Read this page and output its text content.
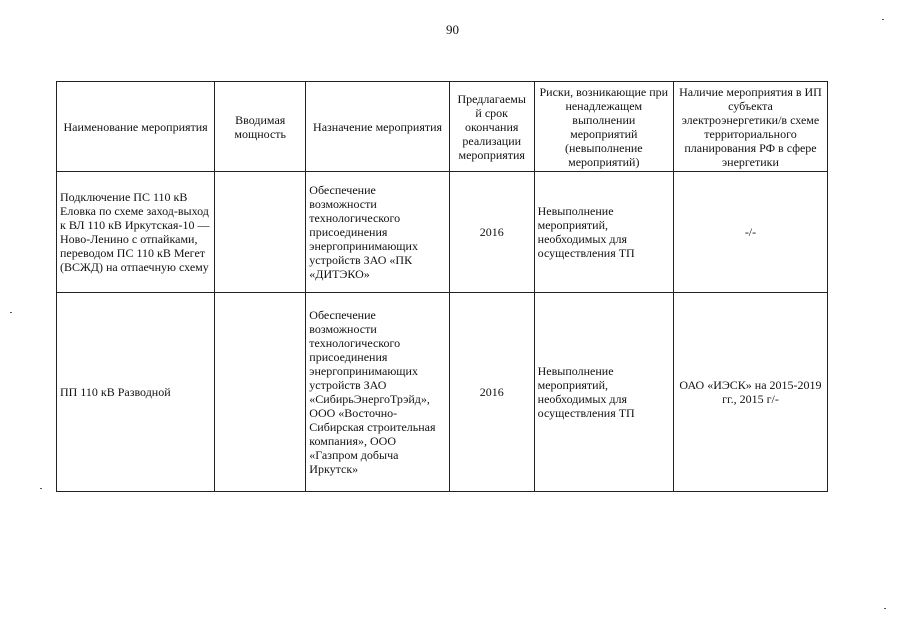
90
Наименование мероприятия	Вводимая мощность	Назначение мероприятия	Предлагаемы й срок окончания реализации мероприятия	Риски, возникающие при ненадлежащем выполнении мероприятий (невыполнение мероприятий)	Наличие мероприятия в ИП субъекта электроэнергетики/в схеме территориального планирования РФ в сфере энергетики
Подключение ПС 110 кВ Еловка по схеме заход-выход к ВЛ 110 кВ Иркутская-10 — Ново-Ленино с отпайками, переводом ПС 110 кВ Мегет (ВСЖД) на отпаечную схему		Обеспечение возможности технологического присоединения энергопринимающих устройств ЗАО «ПК «ДИТЭКО»	2016	Невыполнение мероприятий, необходимых для осуществления ТП	-/-
ПП 110 кВ Разводной		Обеспечение возможности технологического присоединения энергопринимающих устройств ЗАО «СибирьЭнергоТрэйд», ООО «Восточно-Сибирская строительная компания», ООО «Газпром добыча Иркутск»	2016	Невыполнение мероприятий, необходимых для осуществления ТП	ОАО «ИЭСК» на 2015-2019 гг., 2015 г/-
